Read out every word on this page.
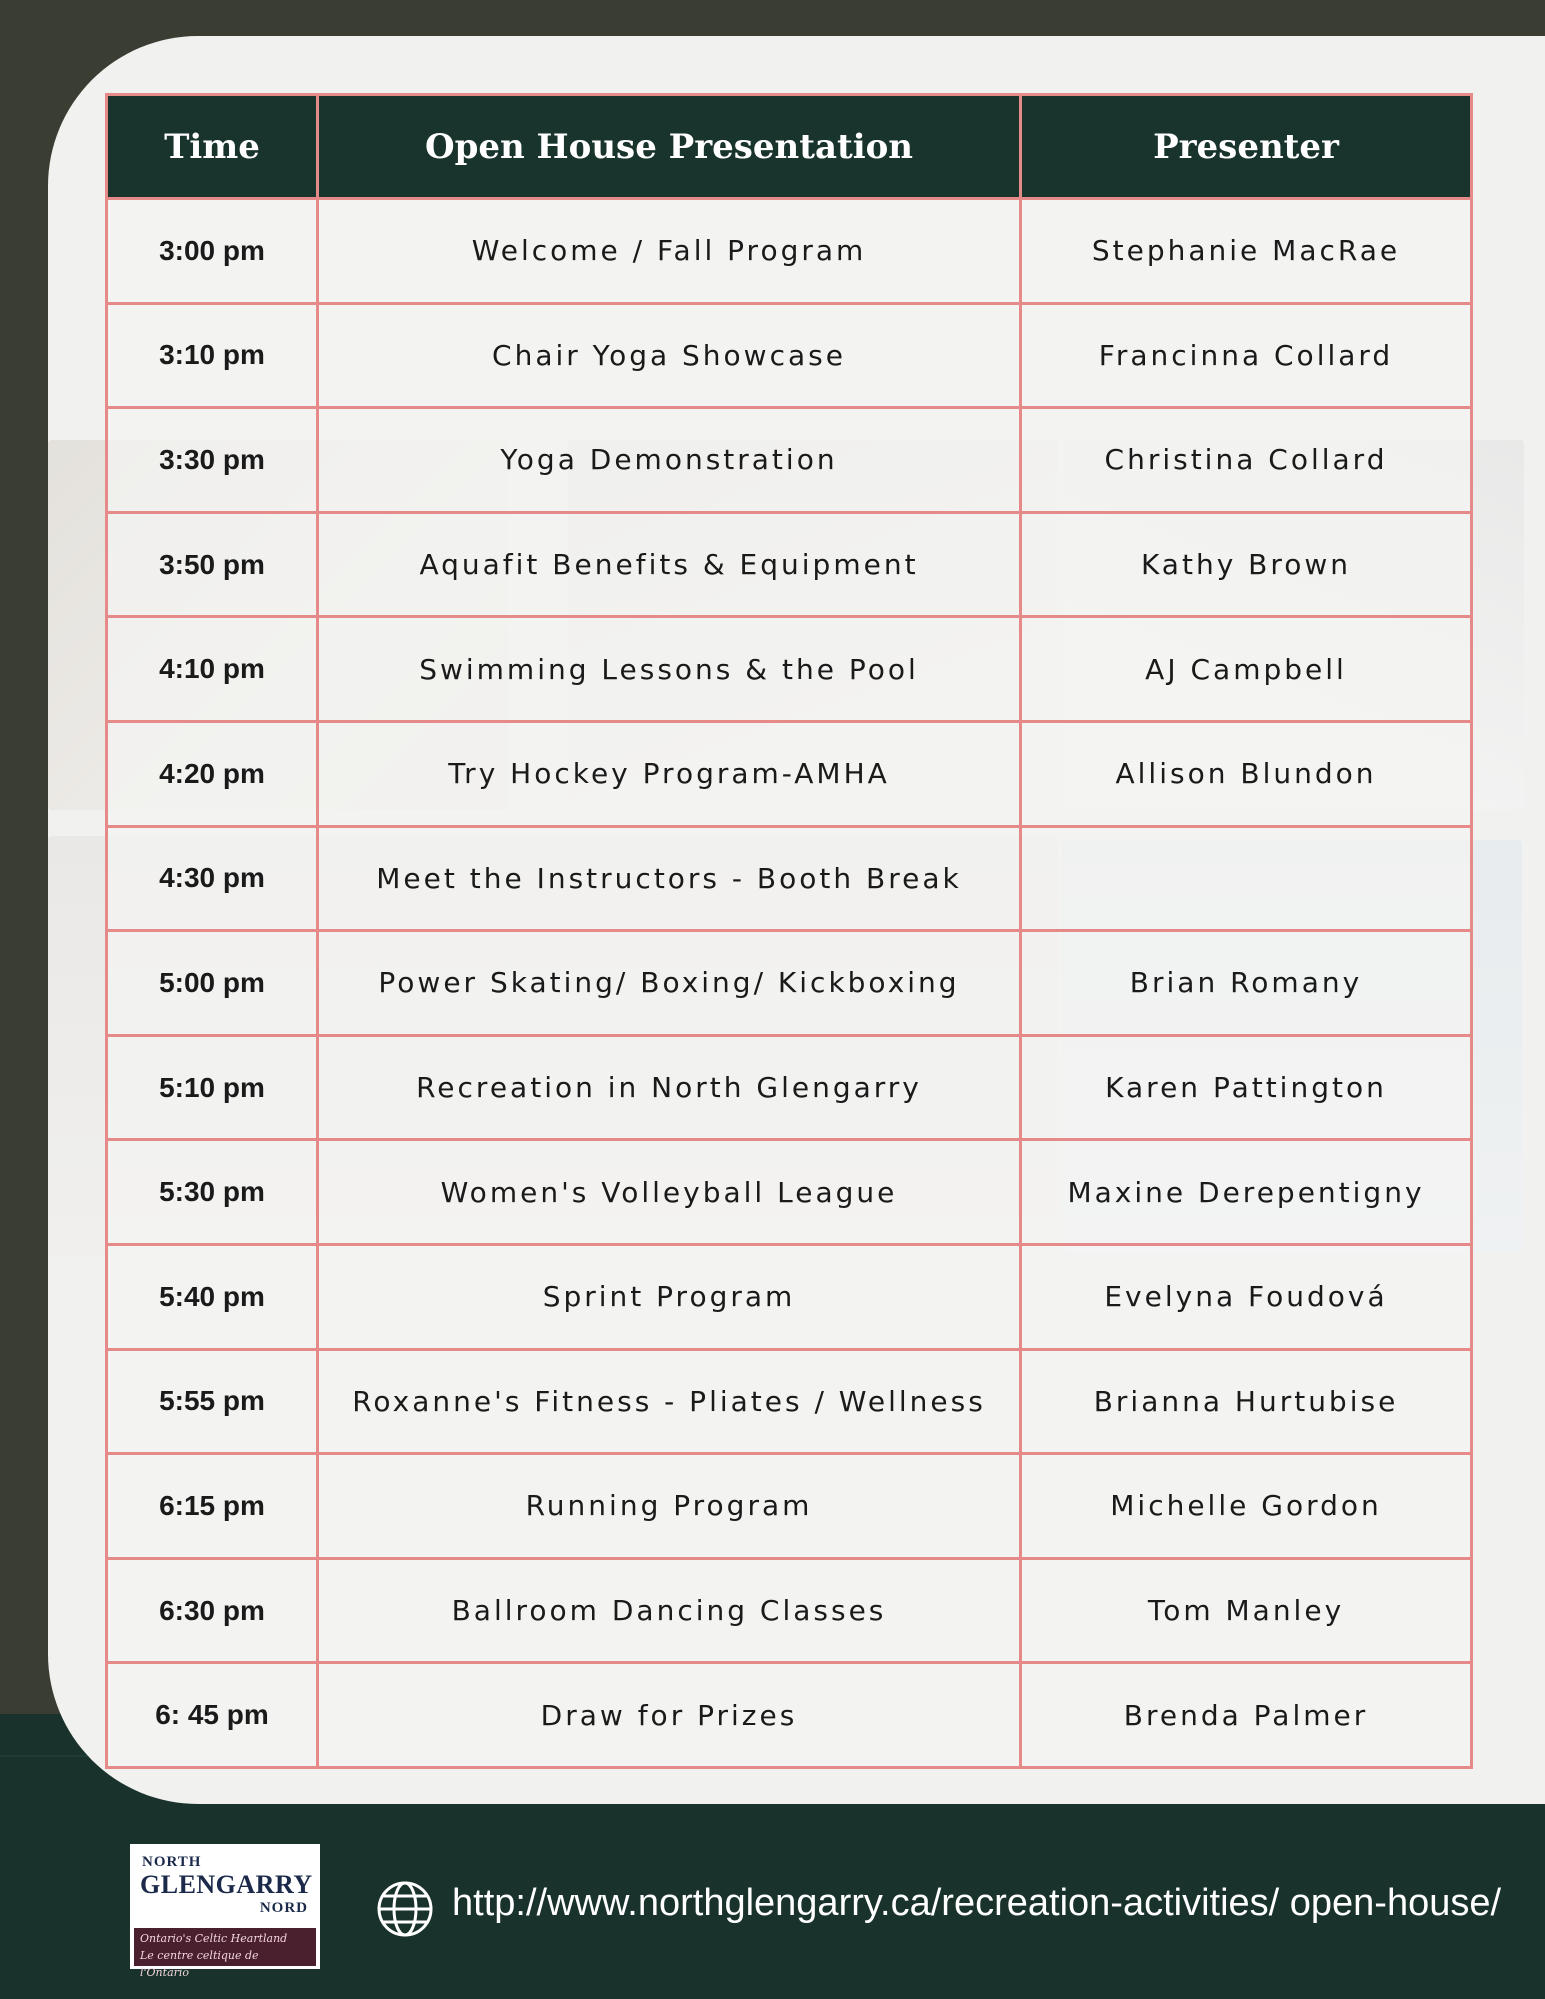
Time	Open House Presentation	Presenter
3:00 pm	Welcome / Fall Program	Stephanie MacRae
3:10 pm	Chair Yoga Showcase	Francinna Collard
3:30 pm	Yoga Demonstration	Christina Collard
3:50 pm	Aquafit Benefits & Equipment	Kathy Brown
4:10 pm	Swimming Lessons & the Pool	AJ Campbell
4:20 pm	Try Hockey Program-AMHA	Allison Blundon
4:30 pm	Meet the Instructors - Booth Break	
5:00 pm	Power Skating/ Boxing/ Kickboxing	Brian Romany
5:10 pm	Recreation in North Glengarry	Karen Pattington
5:30 pm	Women's Volleyball League	Maxine Derepentigny
5:40 pm	Sprint Program	Evelyna Foudová
5:55 pm	Roxanne's Fitness - Pliates / Wellness	Brianna Hurtubise
6:15 pm	Running Program	Michelle Gordon
6:30 pm	Ballroom Dancing Classes	Tom Manley
6: 45 pm	Draw for Prizes	Brenda Palmer
NORTH
GLENGARRY
NORD
Ontario's Celtic Heartland
Le centre celtique de l'Ontario
http://www.northglengarry.ca/recreation-activities/ open-house/
